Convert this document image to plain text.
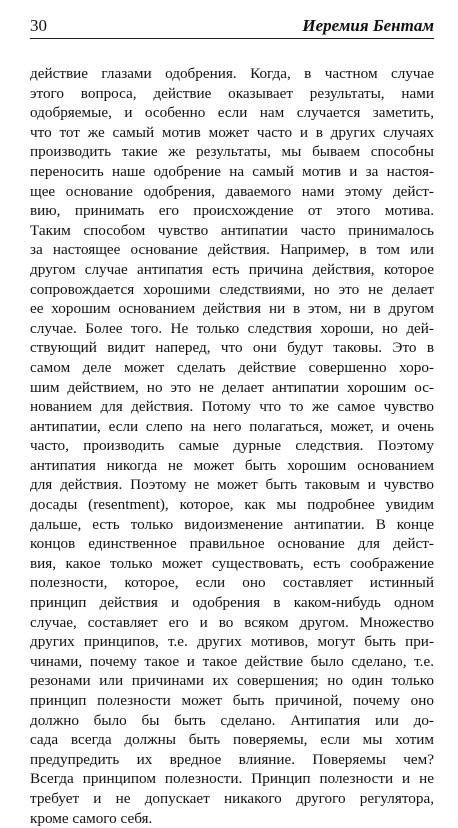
30	Иеремия Бентам
действие глазами одобрения. Когда, в частном случае
этого вопроса, действие оказывает результаты, нами
одобряемые, и особенно если нам случается заметить,
что тот же самый мотив может часто и в других случаях
производить такие же результаты, мы бываем способны
переносить наше одобрение на самый мотив и за настоя-
щее основание одобрения, даваемого нами этому дейст-
вию, принимать его происхождение от этого мотива.
Таким способом чувство антипатии часто принималось
за настоящее основание действия. Например, в том или
другом случае антипатия есть причина действия, которое
сопровождается хорошими следствиями, но это не делает
ее хорошим основанием действия ни в этом, ни в другом
случае. Более того. Не только следствия хороши, но дей-
ствующий видит наперед, что они будут таковы. Это в
самом деле может сделать действие совершенно хоро-
шим действием, но это не делает антипатии хорошим ос-
нованием для действия. Потому что то же самое чувство
антипатии, если слепо на него полагаться, может, и очень
часто, производить самые дурные следствия. Поэтому
антипатия никогда не может быть хорошим основанием
для действия. Поэтому не может быть таковым и чувство
досады (resentment), которое, как мы подробнее увидим
дальше, есть только видоизменение антипатии. В конце
концов единственное правильное основание для дейст-
вия, какое только может существовать, есть соображение
полезности, которое, если оно составляет истинный
принцип действия и одобрения в каком-нибудь одном
случае, составляет его и во всяком другом. Множество
других принципов, т.е. других мотивов, могут быть при-
чинами, почему такое и такое действие было сделано, т.е.
резонами или причинами их совершения; но один только
принцип полезности может быть причиной, почему оно
должно было бы быть сделано. Антипатия или до-
сада всегда должны быть поверяемы, если мы хотим
предупредить их вредное влияние. Поверяемы чем?
Всегда принципом полезности. Принцип полезности и не
требует и не допускает никакого другого регулятора,
кроме самого себя.
